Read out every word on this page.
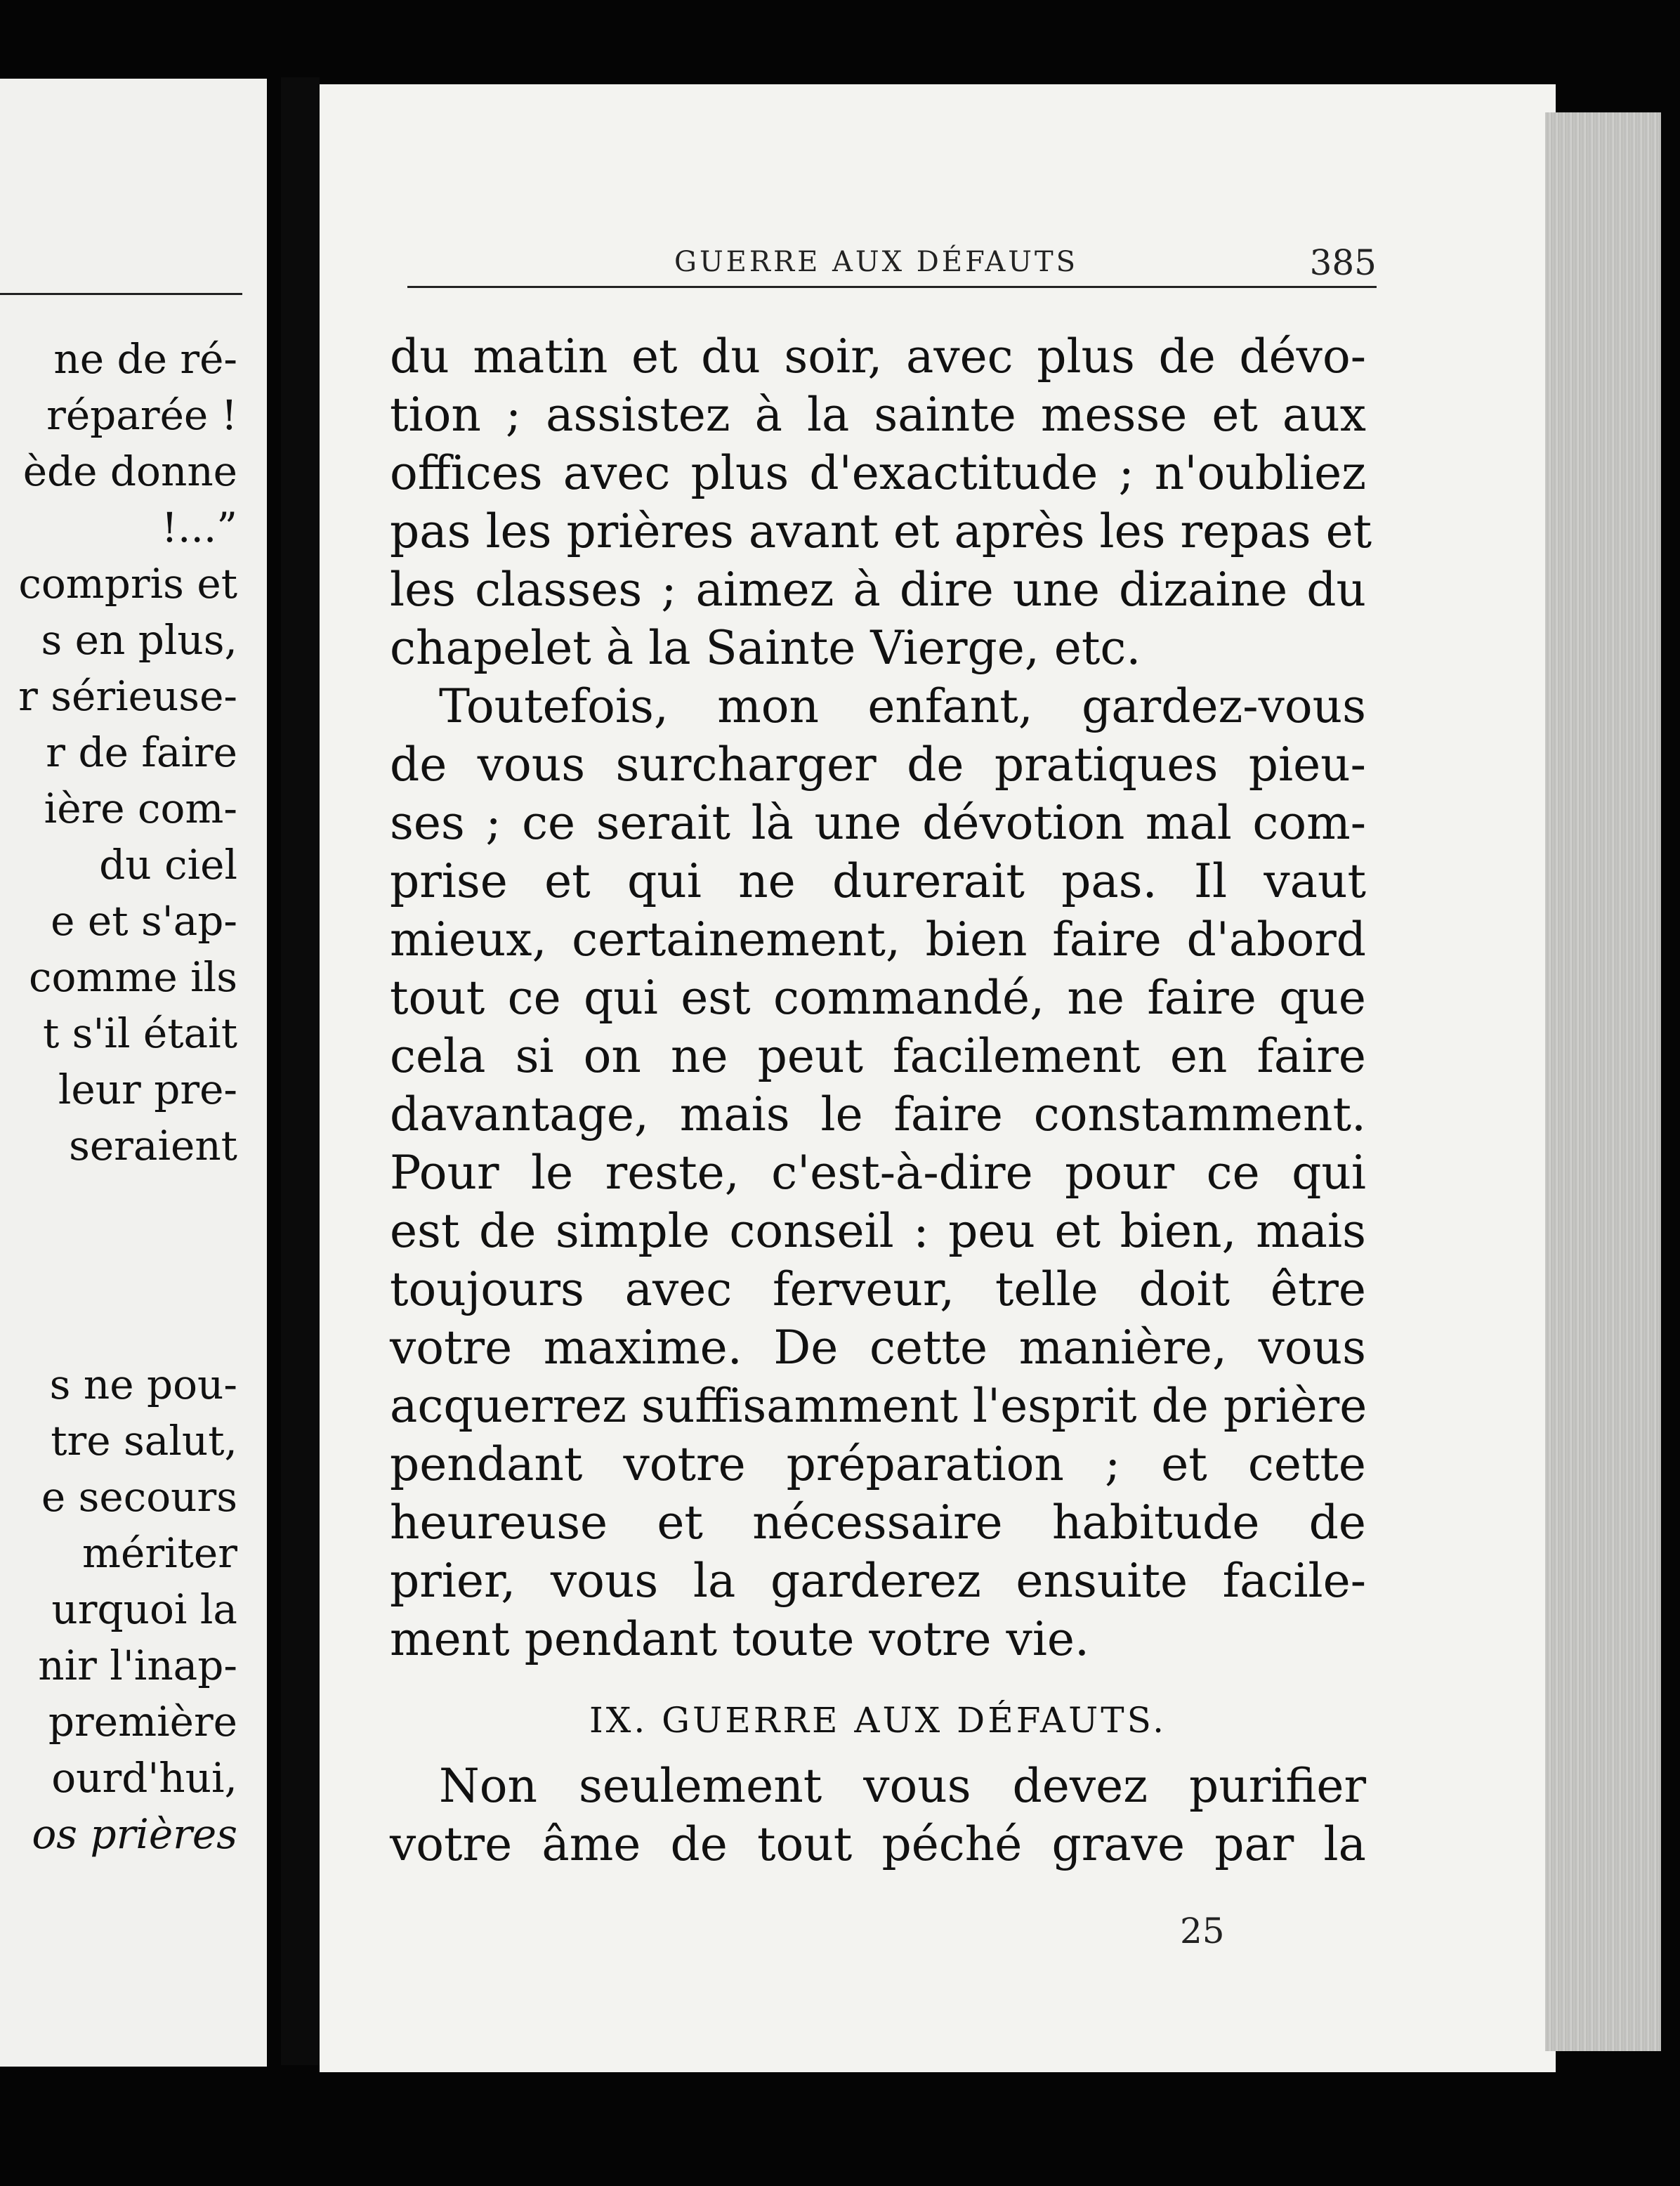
ne de ré-
réparée !
ède donne
!...”
compris et
s en plus,
r sérieuse-
r de faire
ière com-
du ciel
e et s'ap-
comme ils
t s'il était
leur pre-
seraient
s ne pou-
tre salut,
e secours
mériter
urquoi la
nir l'inap-
première
ourd'hui,
os prières
GUERRE AUX DÉFAUTS	385
du matin et du soir, avec plus de dévo-
tion ; assistez à la sainte messe et aux
offices avec plus d'exactitude ; n'oubliez
pas les prières avant et après les repas et
les classes ; aimez à dire une dizaine du
chapelet à la Sainte Vierge, etc.
Toutefois, mon enfant, gardez-vous
de vous surcharger de pratiques pieu-
ses ; ce serait là une dévotion mal com-
prise et qui ne durerait pas. Il vaut
mieux, certainement, bien faire d'abord
tout ce qui est commandé, ne faire que
cela si on ne peut facilement en faire
davantage, mais le faire constamment.
Pour le reste, c'est-à-dire pour ce qui
est de simple conseil : peu et bien, mais
toujours avec ferveur, telle doit être
votre maxime. De cette manière, vous
acquerrez suffisamment l'esprit de prière
pendant votre préparation ; et cette
heureuse et nécessaire habitude de
prier, vous la garderez ensuite facile-
ment pendant toute votre vie.
IX. GUERRE AUX DÉFAUTS.
Non seulement vous devez purifier
votre âme de tout péché grave par la
25
